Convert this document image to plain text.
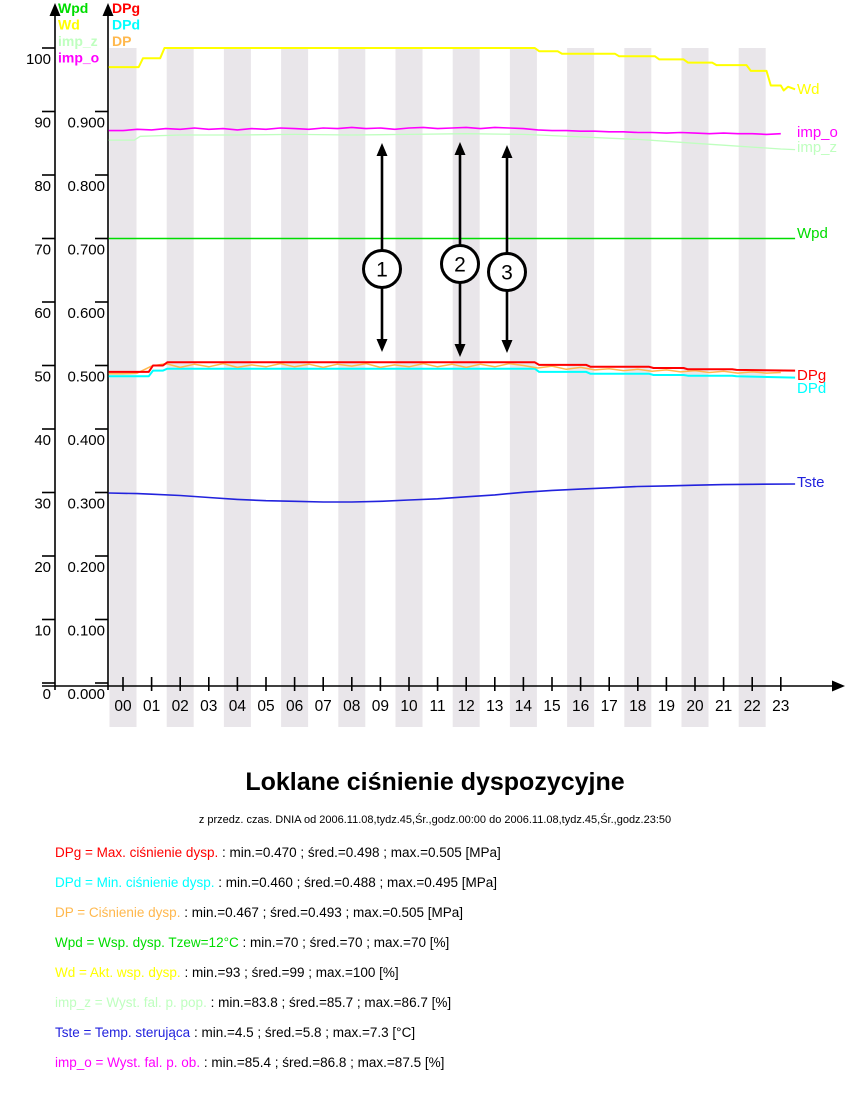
00 01 02 03 04 05 06 07 08 09 10 11 12 13 14 15 16 17 18 19 20 21 22 23
0
10
20
30
40
50
60
70
80
90
100
0.000
0.100
0.200
0.300
0.400
0.500
0.600
0.700
0.800
0.900
Wd
imp_o
imp_z
Wpd
DPg
DPd
Tste
1	2 3
Wpd
Wd
imp_z
imp_o
DPg
DPd
DP
Loklane ciśnienie dyspozycyjne
z przedz. czas. DNIA od 2006.11.08,tydz.45,Śr.,godz.00:00 do 2006.11.08,tydz.45,Śr.,godz.23:50
DPg = Max. ciśnienie dysp. : min.=0.470 ; śred.=0.498 ; max.=0.505 [MPa]
DPd = Min. ciśnienie dysp. : min.=0.460 ; śred.=0.488 ; max.=0.495 [MPa]
DP = Ciśnienie dysp. : min.=0.467 ; śred.=0.493 ; max.=0.505 [MPa]
Wpd = Wsp. dysp. Tzew=12°C : min.=70 ; śred.=70 ; max.=70 [%]
Wd = Akt. wsp. dysp. : min.=93 ; śred.=99 ; max.=100 [%]
imp_z = Wyst. fal. p. pop. : min.=83.8 ; śred.=85.7 ; max.=86.7 [%]
Tste = Temp. sterująca : min.=4.5 ; śred.=5.8 ; max.=7.3 [°C]
imp_o = Wyst. fal. p. ob. : min.=85.4 ; śred.=86.8 ; max.=87.5 [%]
